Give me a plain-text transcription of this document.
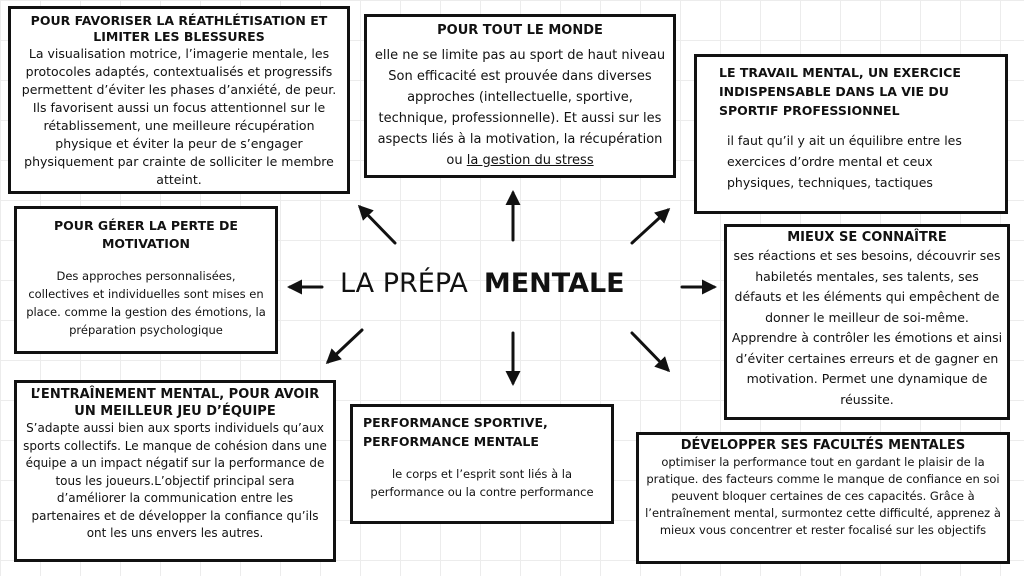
LA PRÉPA MENTALE
POUR FAVORISER LA RÉATHLÉTISATION ET LIMITER LES BLESSURES

La visualisation motrice, l’imagerie mentale, les protocoles adaptés, contextualisés et progressifs permettent d’éviter les phases d’anxiété, de peur. Ils favorisent aussi un focus attentionnel sur le rétablissement, une meilleure récupération physique et éviter la peur de s’engager physiquement par crainte de solliciter le membre atteint.

POUR TOUT LE MONDE

elle ne se limite pas au sport de haut niveau Son efficacité est prouvée dans diverses approches (intellectuelle, sportive, technique, professionnelle). Et aussi sur les aspects liés à la motivation, la récupération ou la gestion du stress

LE TRAVAIL MENTAL, UN EXERCICE INDISPENSABLE DANS LA VIE DU SPORTIF PROFESSIONNEL

il faut qu’il y ait un équilibre entre les exercices d’ordre mental et ceux physiques, techniques, tactiques

POUR GÉRER LA PERTE DE MOTIVATION

Des approches personnalisées, collectives et individuelles sont mises en place. comme la gestion des émotions, la préparation psychologique

MIEUX SE CONNAÎTRE

ses réactions et ses besoins, découvrir ses habiletés mentales, ses talents, ses défauts et les éléments qui empêchent de donner le meilleur de soi-même. Apprendre à contrôler les émotions et ainsi d’éviter certaines erreurs et de gagner en motivation. Permet une dynamique de réussite.

L’ENTRAÎNEMENT MENTAL, POUR AVOIR UN MEILLEUR JEU D’ÉQUIPE

S’adapte aussi bien aux sports individuels qu’aux sports collectifs. Le manque de cohésion dans une équipe a un impact négatif sur la performance de tous les joueurs.L’objectif principal sera d’améliorer la communication entre les partenaires et de développer la confiance qu’ils ont les uns envers les autres.

PERFORMANCE SPORTIVE, PERFORMANCE MENTALE

le corps et l’esprit sont liés à la performance ou la contre performance

DÉVELOPPER SES FACULTÉS MENTALES

optimiser la performance tout en gardant le plaisir de la pratique. des facteurs comme le manque de confiance en soi peuvent bloquer certaines de ces capacités. Grâce à l’entraînement mental, surmontez cette difficulté, apprenez à mieux vous concentrer et rester focalisé sur les objectifs
